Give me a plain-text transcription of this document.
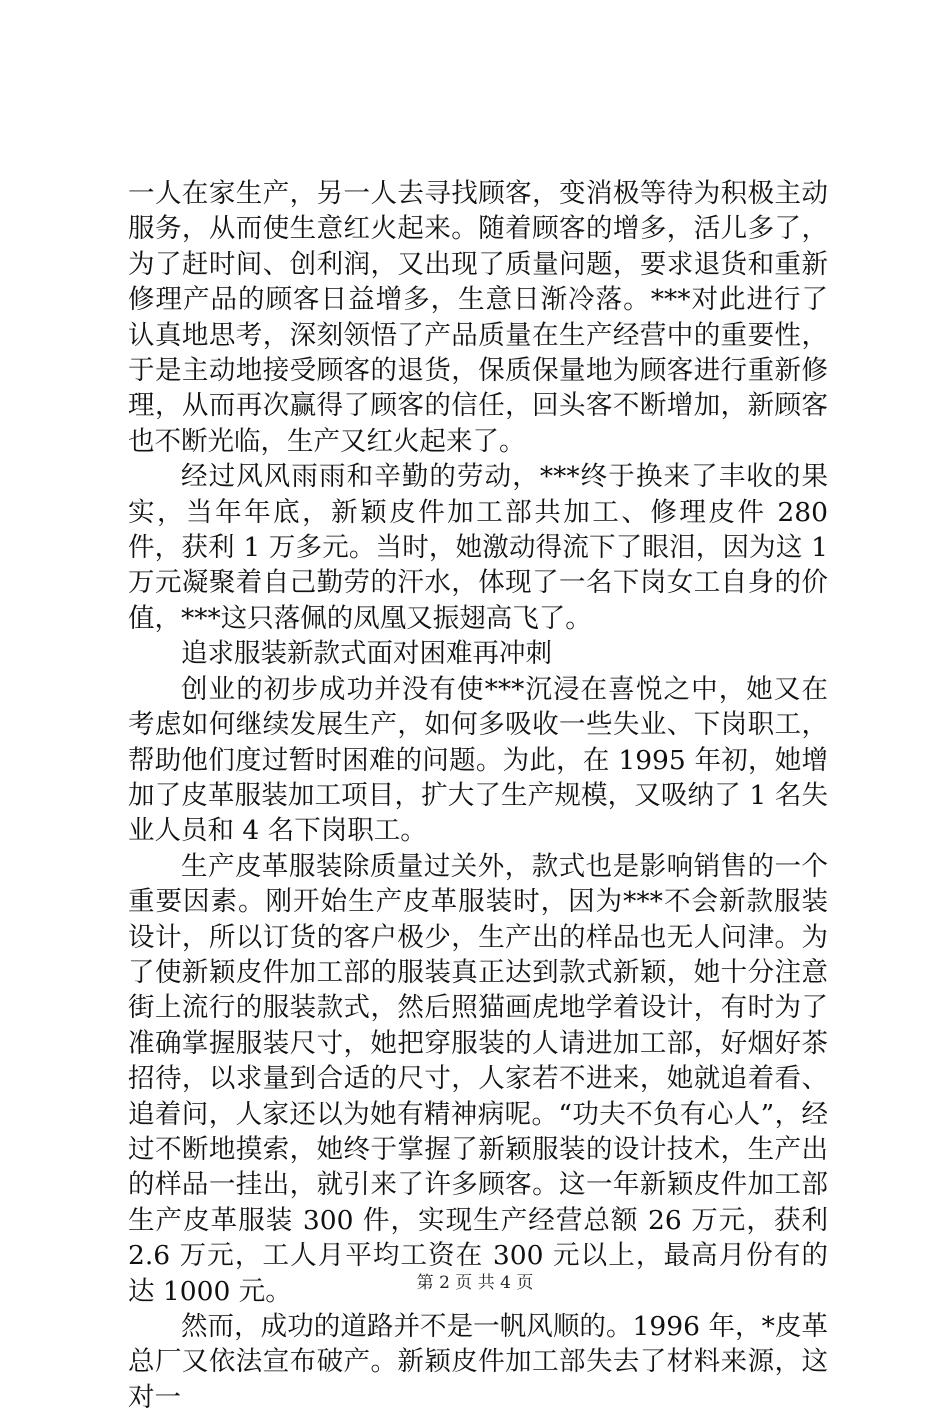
一人在家生产，另一人去寻找顾客，变消极等待为积极主动服务，从而使生意红火起来。随着顾客的增多，活儿多了，为了赶时间、创利润，又出现了质量问题，要求退货和重新修理产品的顾客日益增多，生意日渐冷落。***对此进行了认真地思考，深刻领悟了产品质量在生产经营中的重要性，于是主动地接受顾客的退货，保质保量地为顾客进行重新修理，从而再次赢得了顾客的信任，回头客不断增加，新顾客也不断光临，生产又红火起来了。

经过风风雨雨和辛勤的劳动，***终于换来了丰收的果实，当年年底，新颖皮件加工部共加工、修理皮件 280 件，获利 1 万多元。当时，她激动得流下了眼泪，因为这 1 万元凝聚着自己勤劳的汗水，体现了一名下岗女工自身的价值，***这只落佩的凤凰又振翅高飞了。

追求服装新款式面对困难再冲刺

创业的初步成功并没有使***沉浸在喜悦之中，她又在考虑如何继续发展生产，如何多吸收一些失业、下岗职工，帮助他们度过暂时困难的问题。为此，在 1995 年初，她增加了皮革服装加工项目，扩大了生产规模，又吸纳了 1 名失业人员和 4 名下岗职工。

生产皮革服装除质量过关外，款式也是影响销售的一个重要因素。刚开始生产皮革服装时，因为***不会新款服装设计，所以订货的客户极少，生产出的样品也无人问津。为了使新颖皮件加工部的服装真正达到款式新颖，她十分注意街上流行的服装款式，然后照猫画虎地学着设计，有时为了准确掌握服装尺寸，她把穿服装的人请进加工部，好烟好茶招待，以求量到合适的尺寸，人家若不进来，她就追着看、追着问，人家还以为她有精神病呢。“功夫不负有心人”，经过不断地摸索，她终于掌握了新颖服装的设计技术，生产出的样品一挂出，就引来了许多顾客。这一年新颖皮件加工部生产皮革服装 300 件，实现生产经营总额 26 万元，获利 2.6 万元，工人月平均工资在 300 元以上，最高月份有的达 1000 元。

然而，成功的道路并不是一帆风顺的。1996 年，*皮革总厂又依法宣布破产。新颖皮件加工部失去了材料来源，这对一

第 2 页 共 4 页
